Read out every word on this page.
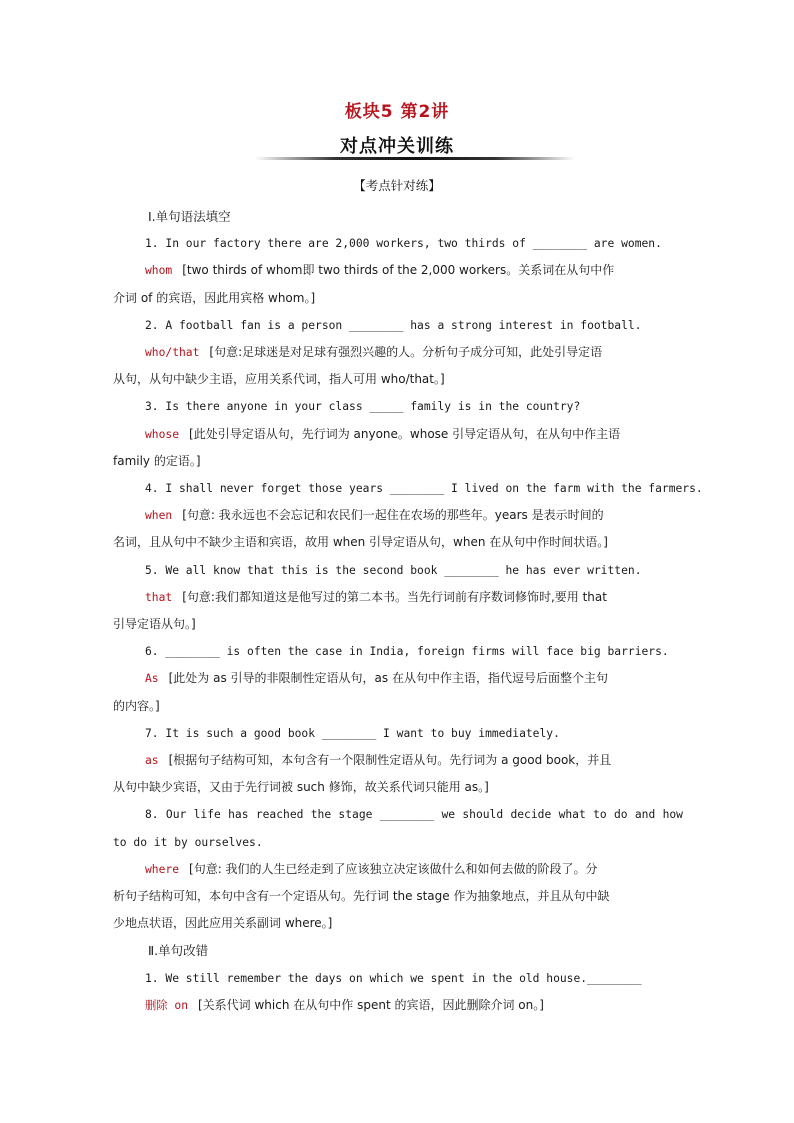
板块5 第2讲
对点冲关训练
【考点针对练】
Ⅰ.单句语法填空
1. In our factory there are 2,000 workers, two thirds of ________ are women.
whom [two thirds of whom即 two thirds of the 2,000 workers。关系词在从句中作
介词 of 的宾语，因此用宾格 whom。]
2. A football fan is a person ________ has a strong interest in football.
who/that [句意:足球迷是对足球有强烈兴趣的人。分析句子成分可知，此处引导定语
从句，从句中缺少主语，应用关系代词，指人可用 who/that。]
3. Is there anyone in your class _____ family is in the country?
whose [此处引导定语从句，先行词为 anyone。whose 引导定语从句，在从句中作主语
family 的定语。]
4. I shall never forget those years ________ I lived on the farm with the farmers.
when [句意: 我永远也不会忘记和农民们一起住在农场的那些年。years 是表示时间的
名词，且从句中不缺少主语和宾语，故用 when 引导定语从句，when 在从句中作时间状语。]
5. We all know that this is the second book ________ he has ever written.
that [句意:我们都知道这是他写过的第二本书。当先行词前有序数词修饰时,要用 that
引导定语从句。]
6. ________ is often the case in India, foreign firms will face big barriers.
As [此处为 as 引导的非限制性定语从句，as 在从句中作主语，指代逗号后面整个主句
的内容。]
7. It is such a good book ________ I want to buy immediately.
as [根据句子结构可知，本句含有一个限制性定语从句。先行词为 a good book，并且
从句中缺少宾语，又由于先行词被 such 修饰，故关系代词只能用 as。]
8. Our life has reached the stage ________ we should decide what to do and how
to do it by ourselves.
where [句意: 我们的人生已经走到了应该独立决定该做什么和如何去做的阶段了。分
析句子结构可知，本句中含有一个定语从句。先行词 the stage 作为抽象地点，并且从句中缺
少地点状语，因此应用关系副词 where。]
Ⅱ.单句改错
1. We still remember the days on which we spent in the old house.________
删除 on [关系代词 which 在从句中作 spent 的宾语，因此删除介词 on。]
